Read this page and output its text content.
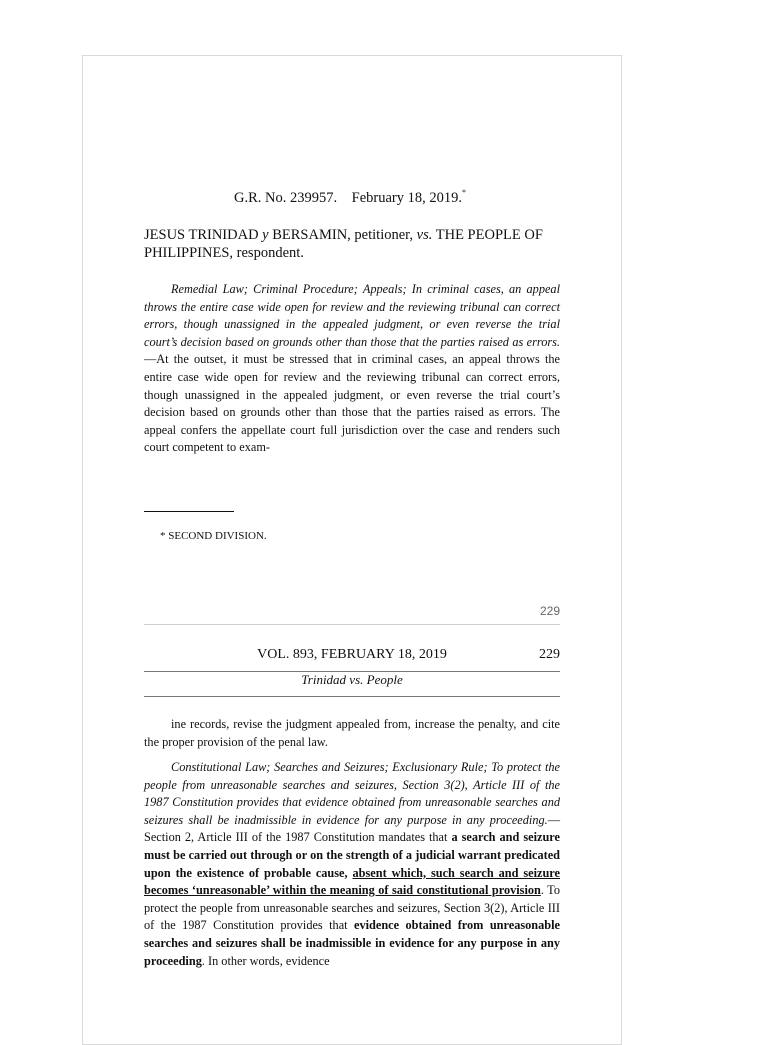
G.R. No. 239957. February 18, 2019.*
JESUS TRINIDAD y BERSAMIN, petitioner, vs. THE PEOPLE OF PHILIPPINES, respondent.
Remedial Law; Criminal Procedure; Appeals; In criminal cases, an appeal throws the entire case wide open for review and the reviewing tribunal can correct errors, though unassigned in the appealed judgment, or even reverse the trial court’s decision based on grounds other than those that the parties raised as errors.—At the outset, it must be stressed that in criminal cases, an appeal throws the entire case wide open for review and the reviewing tribunal can correct errors, though unassigned in the appealed judgment, or even reverse the trial court’s decision based on grounds other than those that the parties raised as errors. The appeal confers the appellate court full jurisdiction over the case and renders such court competent to exam-
* SECOND DIVISION.
229
VOL. 893, FEBRUARY 18, 2019	229
Trinidad vs. People
ine records, revise the judgment appealed from, increase the penalty, and cite the proper provision of the penal law.
Constitutional Law; Searches and Seizures; Exclusionary Rule; To protect the people from unreasonable searches and seizures, Section 3(2), Article III of the 1987 Constitution provides that evidence obtained from unreasonable searches and seizures shall be inadmissible in evidence for any purpose in any proceeding.—Section 2, Article III of the 1987 Constitution mandates that a search and seizure must be carried out through or on the strength of a judicial warrant predicated upon the existence of probable cause, absent which, such search and seizure becomes ‘unreasonable’ within the meaning of said constitutional provision. To protect the people from unreasonable searches and seizures, Section 3(2), Article III of the 1987 Constitution provides that evidence obtained from unreasonable searches and seizures shall be inadmissible in evidence for any purpose in any proceeding. In other words, evidence
